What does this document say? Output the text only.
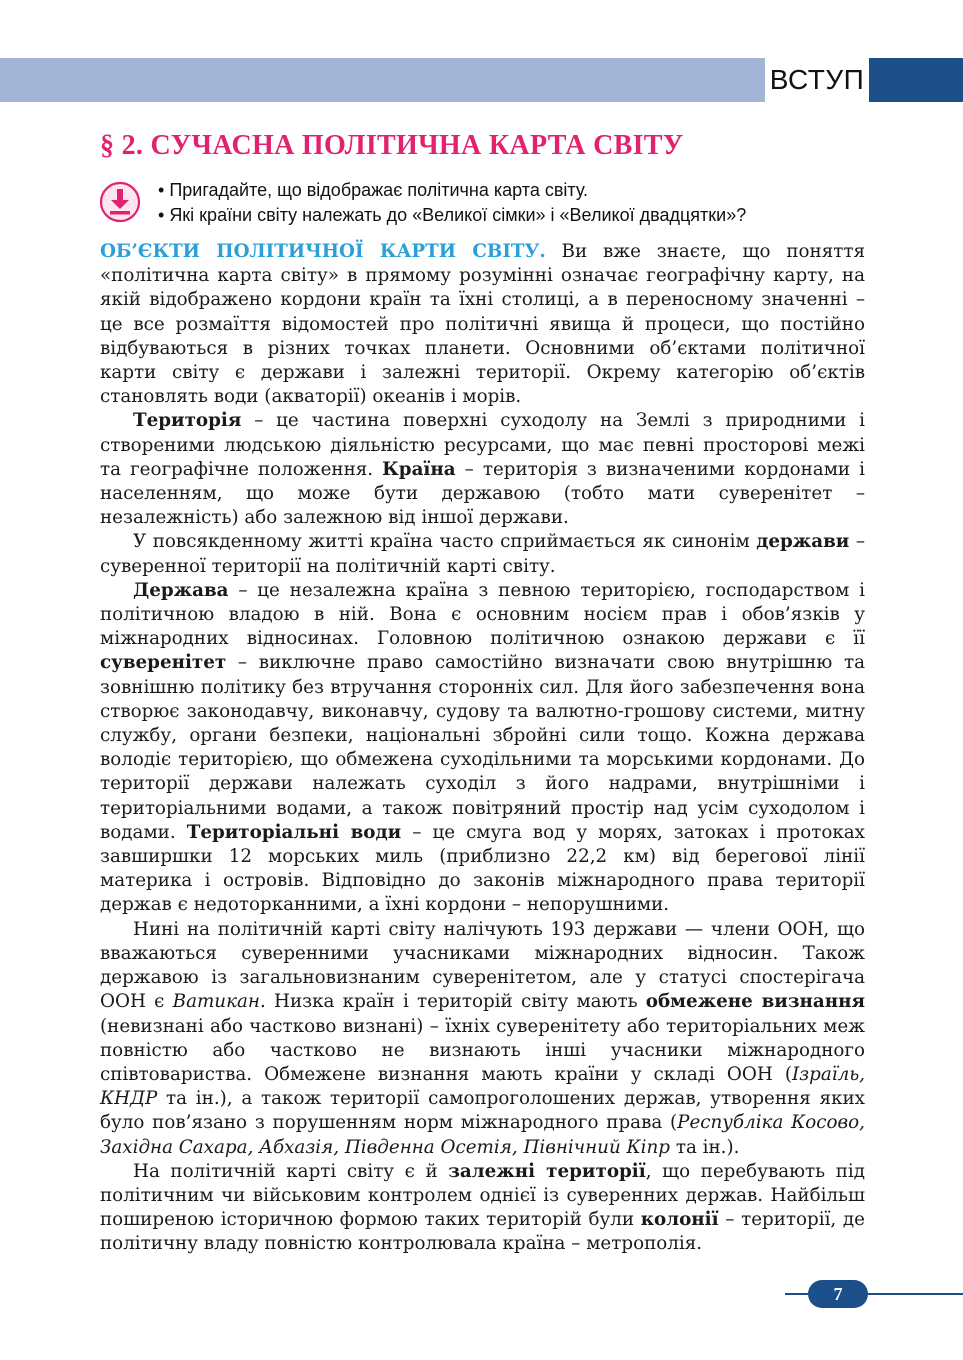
ВСТУП
§ 2. СУЧАСНА ПОЛІТИЧНА КАРТА СВІТУ
• Пригадайте, що відображає політична карта світу.
• Які країни світу належать до «Великої сімки» і «Великої двадцятки»?

ОБ’ЄКТИ ПОЛІТИЧНОЇ КАРТИ СВІТУ. Ви вже знаєте, що поняття «політична карта світу» в прямому розумінні означає географічну карту, на якій відображено кордони країн та їхні столиці, а в переносному значенні – це все розмаїття відомостей про політичні явища й процеси, що постійно відбуваються в різних точках планети. Основними об’єктами політичної карти світу є держави і залежні території. Окрему категорію об’єктів становлять води (акваторії) океанів і морів.

Територія – це частина поверхні суходолу на Землі з природними і створеними людською діяльністю ресурсами, що має певні просторові межі та географічне положення. Країна – територія з визначеними кордонами і населенням, що може бути державою (тобто мати суверенітет – незалежність) або залежною від іншої держави.

У повсякденному житті країна часто сприймається як синонім держави – суверенної території на політичній карті світу.

Держава – це незалежна країна з певною територією, господарством і політичною владою в ній. Вона є основним носієм прав і обов’язків у міжнародних відносинах. Головною політичною ознакою держави є її суверенітет – виключне право самостійно визначати свою внутрішню та зовнішню політику без втручання сторонніх сил. Для його забезпечення вона створює законодавчу, виконавчу, судову та валютно-грошову системи, митну службу, органи безпеки, національні збройні сили тощо. Кожна держава володіє територією, що обмежена суходільними та морськими кордонами. До території держави належать суходіл з його надрами, внутрішніми і територіальними водами, а також повітряний простір над усім суходолом і водами. Територіальні води – це смуга вод у морях, затоках і протоках завширшки 12 морських миль (приблизно 22,2 км) від берегової лінії материка і островів. Відповідно до законів міжнародного права території держав є недоторканними, а їхні кордони – непорушними.

Нині на політичній карті світу налічують 193 держави — члени ООН, що вважаються суверенними учасниками міжнародних відносин. Також державою із загальновизнаним суверенітетом, але у статусі спостерігача ООН є Ватикан. Низка країн і територій світу мають обмежене визнання (невизнані або частково визнані) – їхніх суверенітету або територіальних меж повністю або частково не визнають інші учасники міжнародного співтовариства. Обмежене визнання мають країни у складі ООН (Ізраїль, КНДР та ін.), а також території самопроголошених держав, утворення яких було пов’язано з порушенням норм міжнародного права (Республіка Косово, Західна Сахара, Абхазія, Південна Осетія, Північний Кіпр та ін.).

На політичній карті світу є й залежні території, що перебувають під політичним чи військовим контролем однієї із суверенних держав. Найбільш поширеною історичною формою таких територій були колонії – території, де політичну владу повністю контролювала країна – метрополія.

7
